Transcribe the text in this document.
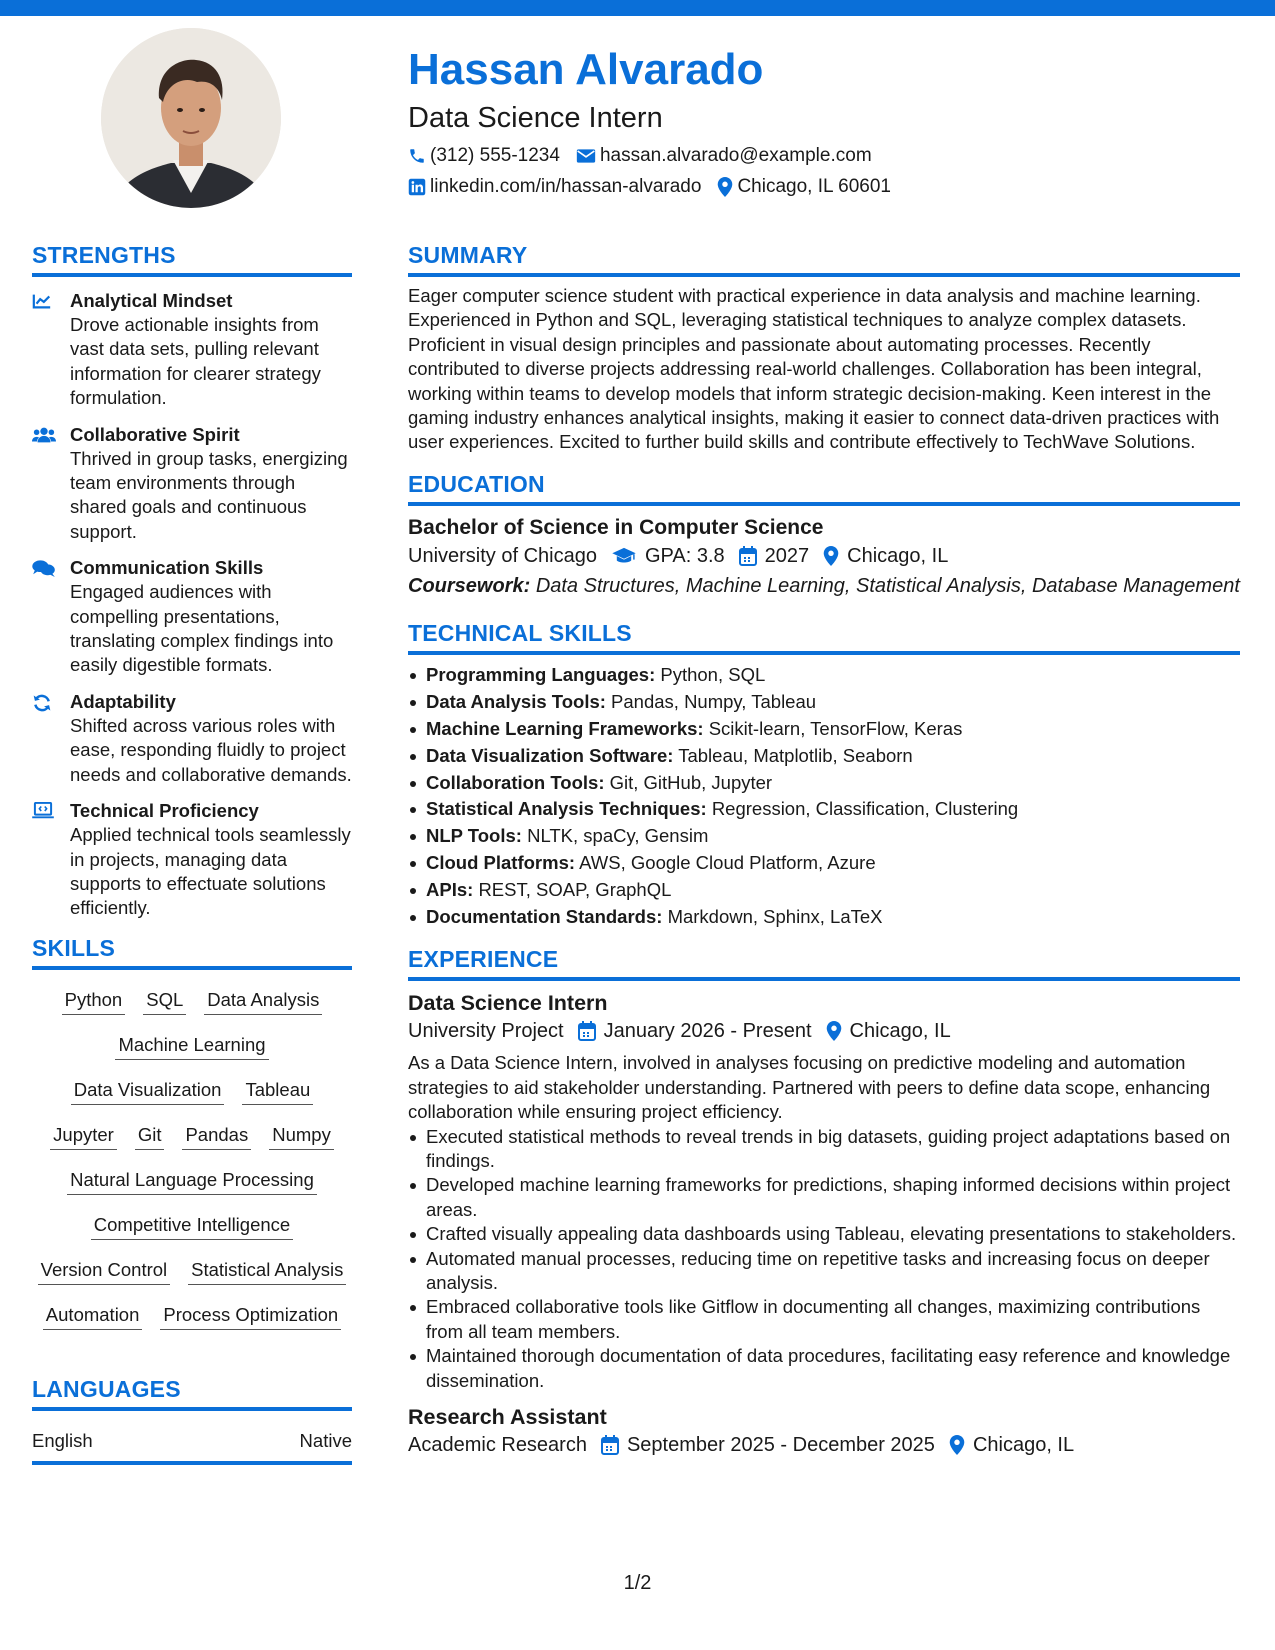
Hassan Alvarado
Data Science Intern
(312) 555-1234 hassan.alvarado@example.com
linkedin.com/in/hassan-alvarado Chicago, IL 60601
STRENGTHS
Analytical Mindset
Drove actionable insights from vast data sets, pulling relevant information for clearer strategy formulation.
Collaborative Spirit
Thrived in group tasks, energizing team environments through shared goals and continuous support.
Communication Skills
Engaged audiences with compelling presentations, translating complex findings into easily digestible formats.
Adaptability
Shifted across various roles with ease, responding fluidly to project needs and collaborative demands.
Technical Proficiency
Applied technical tools seamlessly in projects, managing data supports to effectuate solutions efficiently.
SKILLS
Python SQL Data Analysis
Machine Learning
Data Visualization Tableau
Jupyter Git Pandas Numpy
Natural Language Processing
Competitive Intelligence
Version Control Statistical Analysis
Automation Process Optimization
LANGUAGES
English	Native
SUMMARY
Eager computer science student with practical experience in data analysis and machine learning. Experienced in Python and SQL, leveraging statistical techniques to analyze complex datasets. Proficient in visual design principles and passionate about automating processes. Recently contributed to diverse projects addressing real-world challenges. Collaboration has been integral, working within teams to develop models that inform strategic decision-making. Keen interest in the gaming industry enhances analytical insights, making it easier to connect data-driven practices with user experiences. Excited to further build skills and contribute effectively to TechWave Solutions.
EDUCATION
Bachelor of Science in Computer Science
University of Chicago GPA: 3.8 2027 Chicago, IL
Coursework: Data Structures, Machine Learning, Statistical Analysis, Database Management
TECHNICAL SKILLS
Programming Languages: Python, SQL
Data Analysis Tools: Pandas, Numpy, Tableau
Machine Learning Frameworks: Scikit-learn, TensorFlow, Keras
Data Visualization Software: Tableau, Matplotlib, Seaborn
Collaboration Tools: Git, GitHub, Jupyter
Statistical Analysis Techniques: Regression, Classification, Clustering
NLP Tools: NLTK, spaCy, Gensim
Cloud Platforms: AWS, Google Cloud Platform, Azure
APIs: REST, SOAP, GraphQL
Documentation Standards: Markdown, Sphinx, LaTeX
EXPERIENCE
Data Science Intern
University Project January 2026 - Present Chicago, IL
As a Data Science Intern, involved in analyses focusing on predictive modeling and automation strategies to aid stakeholder understanding. Partnered with peers to define data scope, enhancing collaboration while ensuring project efficiency.
Executed statistical methods to reveal trends in big datasets, guiding project adaptations based on findings.
Developed machine learning frameworks for predictions, shaping informed decisions within project areas.
Crafted visually appealing data dashboards using Tableau, elevating presentations to stakeholders.
Automated manual processes, reducing time on repetitive tasks and increasing focus on deeper analysis.
Embraced collaborative tools like Gitflow in documenting all changes, maximizing contributions from all team members.
Maintained thorough documentation of data procedures, facilitating easy reference and knowledge dissemination.
Research Assistant
Academic Research September 2025 - December 2025 Chicago, IL
1/2
